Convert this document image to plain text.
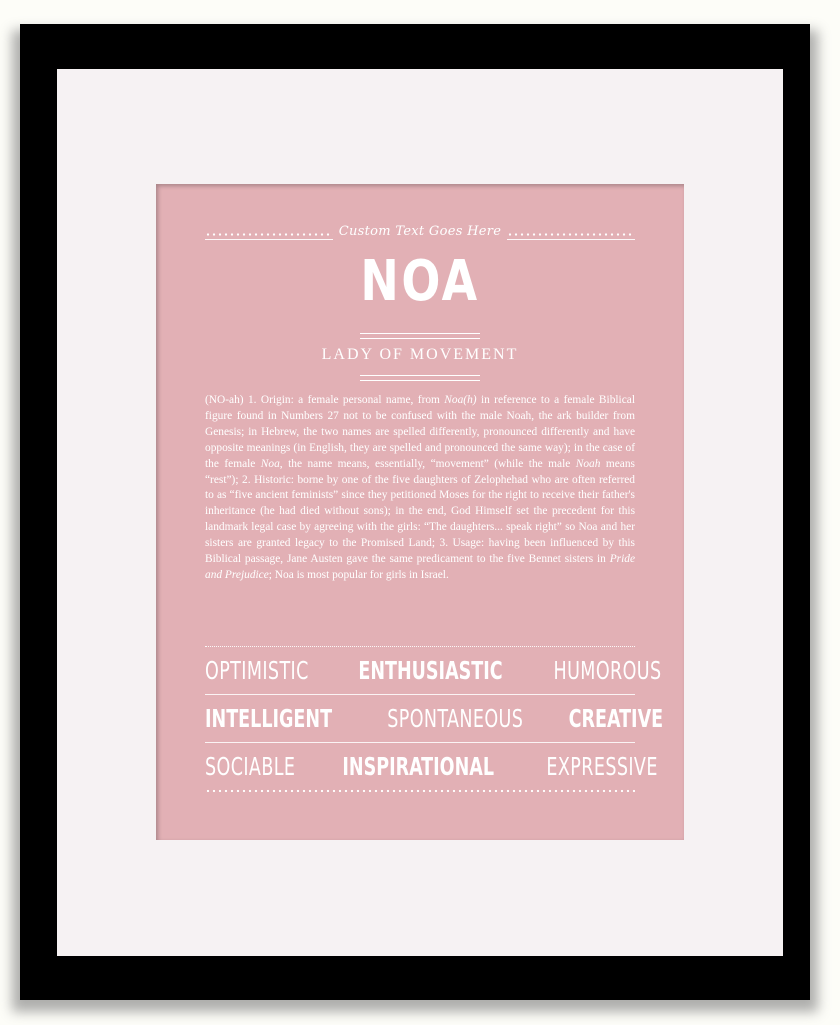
Custom Text Goes Here
NOA
LADY OF MOVEMENT
(NO-ah) 1. Origin: a female personal name, from Noa(h) in reference to a female Biblical figure found in Numbers 27 not to be confused with the male Noah, the ark builder from Genesis; in Hebrew, the two names are spelled differently, pronounced differently and have opposite meanings (in English, they are spelled and pronounced the same way); in the case of the female Noa, the name means, essentially, “movement” (while the male Noah means “rest”); 2. Historic: borne by one of the five daughters of Zelophehad who are often referred to as “five ancient feminists” since they petitioned Moses for the right to receive their father's inheritance (he had died without sons); in the end, God Himself set the precedent for this landmark legal case by agreeing with the girls: “The daughters... speak right” so Noa and her sisters are granted legacy to the Promised Land; 3. Usage: having been influenced by this Biblical passage, Jane Austen gave the same predicament to the five Bennet sisters in Pride and Prejudice; Noa is most popular for girls in Israel.
OPTIMISTIC ENTHUSIASTIC HUMOROUS
INTELLIGENT SPONTANEOUS CREATIVE
SOCIABLE INSPIRATIONAL EXPRESSIVE
